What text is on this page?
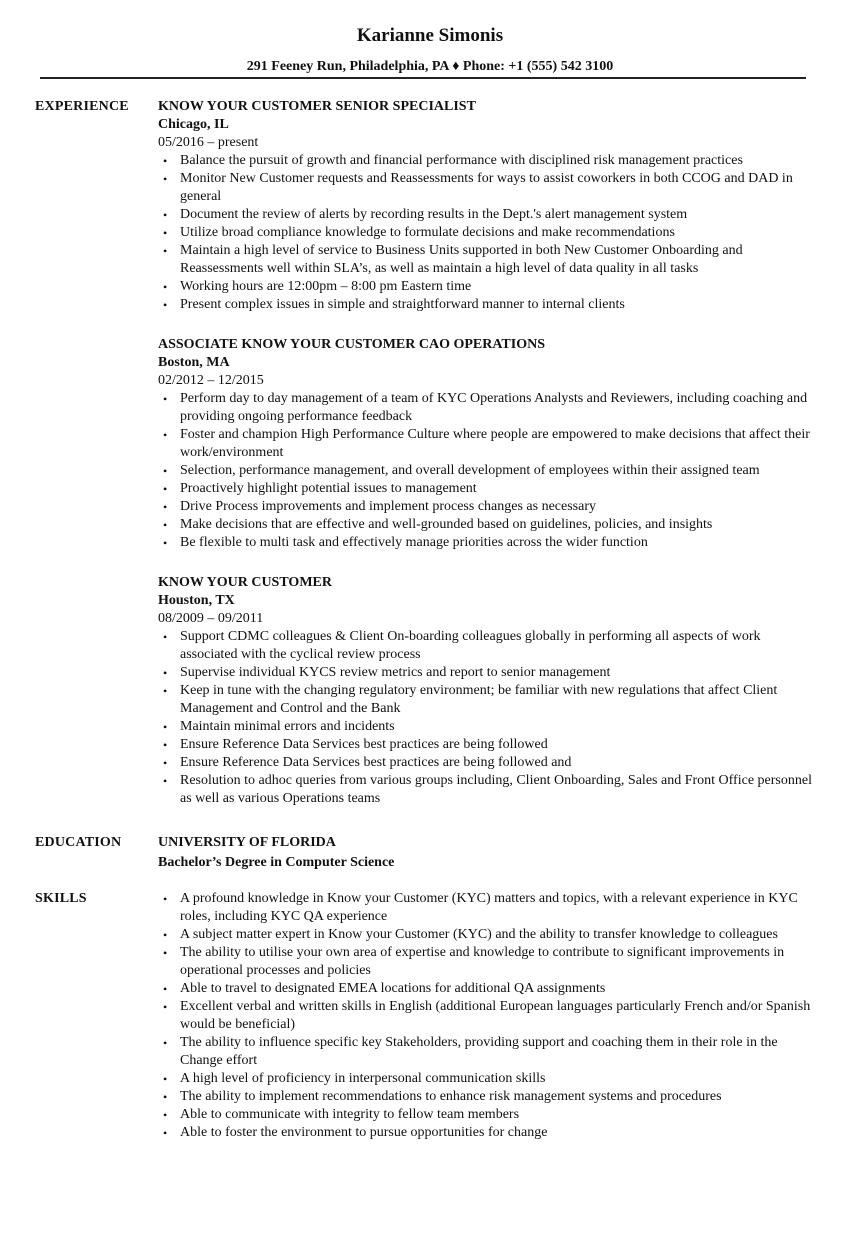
Karianne Simonis
291 Feeney Run, Philadelphia, PA ♦ Phone: +1 (555) 542 3100
EXPERIENCE KNOW YOUR CUSTOMER SENIOR SPECIALIST
Chicago, IL
05/2016 – present
• Balance the pursuit of growth and financial performance with disciplined risk management practices
• Monitor New Customer requests and Reassessments for ways to assist coworkers in both CCOG and DAD in general
• Document the review of alerts by recording results in the Dept.'s alert management system
• Utilize broad compliance knowledge to formulate decisions and make recommendations
• Maintain a high level of service to Business Units supported in both New Customer Onboarding and Reassessments well within SLA’s, as well as maintain a high level of data quality in all tasks
• Working hours are 12:00pm – 8:00 pm Eastern time
• Present complex issues in simple and straightforward manner to internal clients
ASSOCIATE KNOW YOUR CUSTOMER CAO OPERATIONS
Boston, MA
02/2012 – 12/2015
• Perform day to day management of a team of KYC Operations Analysts and Reviewers, including coaching and providing ongoing performance feedback
• Foster and champion High Performance Culture where people are empowered to make decisions that affect their work/environment
• Selection, performance management, and overall development of employees within their assigned team
• Proactively highlight potential issues to management
• Drive Process improvements and implement process changes as necessary
• Make decisions that are effective and well-grounded based on guidelines, policies, and insights
• Be flexible to multi task and effectively manage priorities across the wider function
KNOW YOUR CUSTOMER
Houston, TX
08/2009 – 09/2011
• Support CDMC colleagues & Client On-boarding colleagues globally in performing all aspects of work associated with the cyclical review process
• Supervise individual KYCS review metrics and report to senior management
• Keep in tune with the changing regulatory environment; be familiar with new regulations that affect Client Management and Control and the Bank
• Maintain minimal errors and incidents
• Ensure Reference Data Services best practices are being followed
• Ensure Reference Data Services best practices are being followed and
• Resolution to adhoc queries from various groups including, Client Onboarding, Sales and Front Office personnel as well as various Operations teams
EDUCATION	UNIVERSITY OF FLORIDA
Bachelor’s Degree in Computer Science
SKILLS	• A profound knowledge in Know your Customer (KYC) matters and topics, with a relevant experience in KYC roles, including KYC QA experience
• A subject matter expert in Know your Customer (KYC) and the ability to transfer knowledge to colleagues
• The ability to utilise your own area of expertise and knowledge to contribute to significant improvements in operational processes and policies
• Able to travel to designated EMEA locations for additional QA assignments
• Excellent verbal and written skills in English (additional European languages particularly French and/or Spanish would be beneficial)
• The ability to influence specific key Stakeholders, providing support and coaching them in their role in the Change effort
• A high level of proficiency in interpersonal communication skills
• The ability to implement recommendations to enhance risk management systems and procedures
• Able to communicate with integrity to fellow team members
• Able to foster the environment to pursue opportunities for change
